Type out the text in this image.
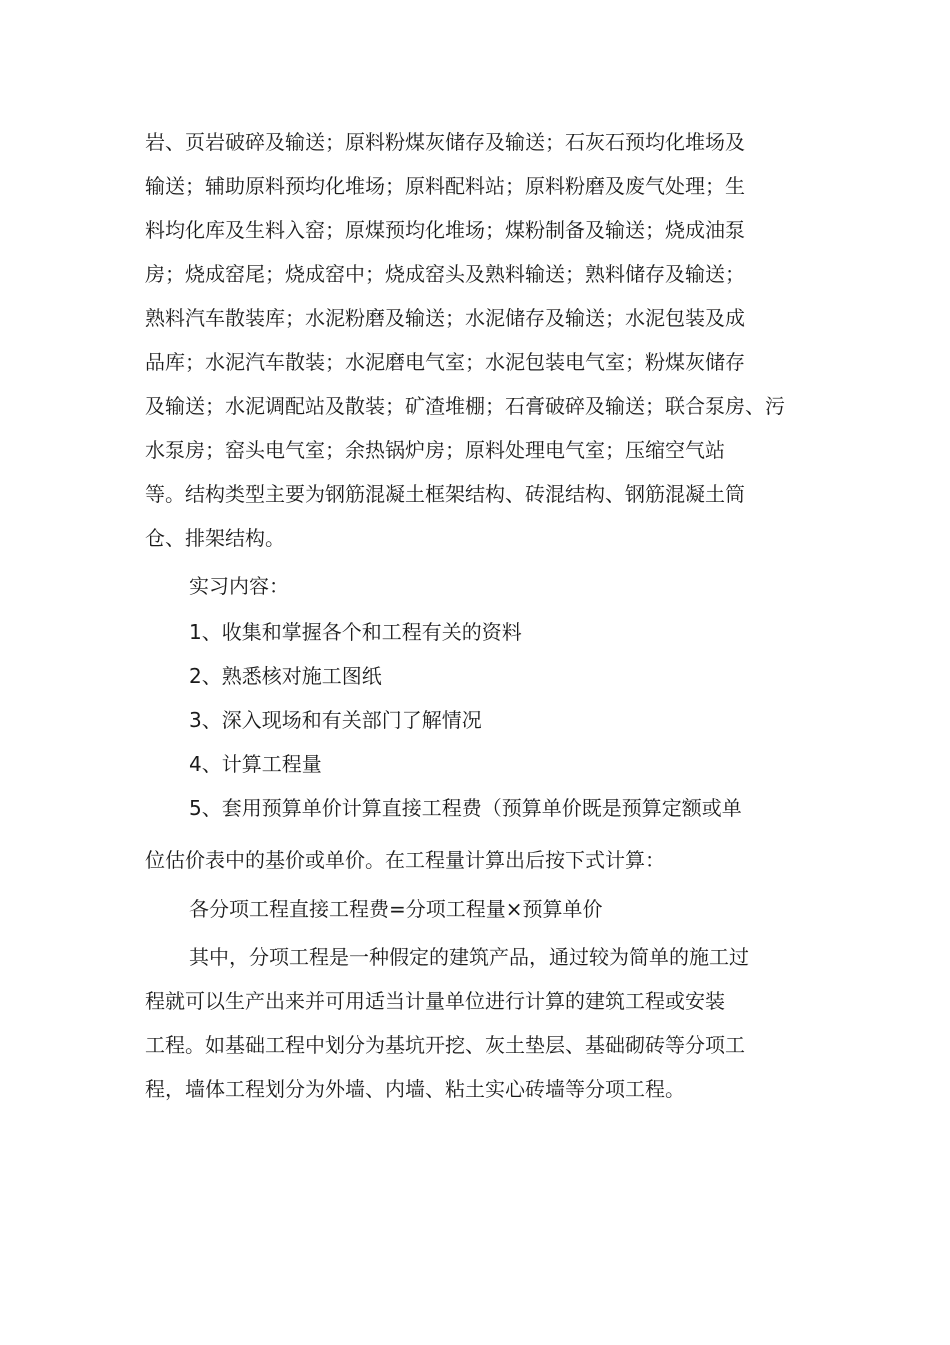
岩、页岩破碎及输送；原料粉煤灰储存及输送；石灰石预均化堆场及
输送；辅助原料预均化堆场；原料配料站；原料粉磨及废气处理；生
料均化库及生料入窑；原煤预均化堆场；煤粉制备及输送；烧成油泵
房；烧成窑尾；烧成窑中；烧成窑头及熟料输送；熟料储存及输送；
熟料汽车散装库；水泥粉磨及输送；水泥储存及输送；水泥包装及成
品库；水泥汽车散装；水泥磨电气室；水泥包装电气室；粉煤灰储存
及输送；水泥调配站及散装；矿渣堆棚；石膏破碎及输送；联合泵房、污
水泵房；窑头电气室；余热锅炉房；原料处理电气室；压缩空气站
等。结构类型主要为钢筋混凝土框架结构、砖混结构、钢筋混凝土筒
仓、排架结构。
实习内容：
1、收集和掌握各个和工程有关的资料
2、熟悉核对施工图纸
3、深入现场和有关部门了解情况
4、计算工程量
5、套用预算单价计算直接工程费（预算单价既是预算定额或单
位估价表中的基价或单价。在工程量计算出后按下式计算：
各分项工程直接工程费=分项工程量×预算单价
其中，分项工程是一种假定的建筑产品，通过较为简单的施工过
程就可以生产出来并可用适当计量单位进行计算的建筑工程或安装
工程。如基础工程中划分为基坑开挖、灰土垫层、基础砌砖等分项工
程，墙体工程划分为外墙、内墙、粘土实心砖墙等分项工程。
